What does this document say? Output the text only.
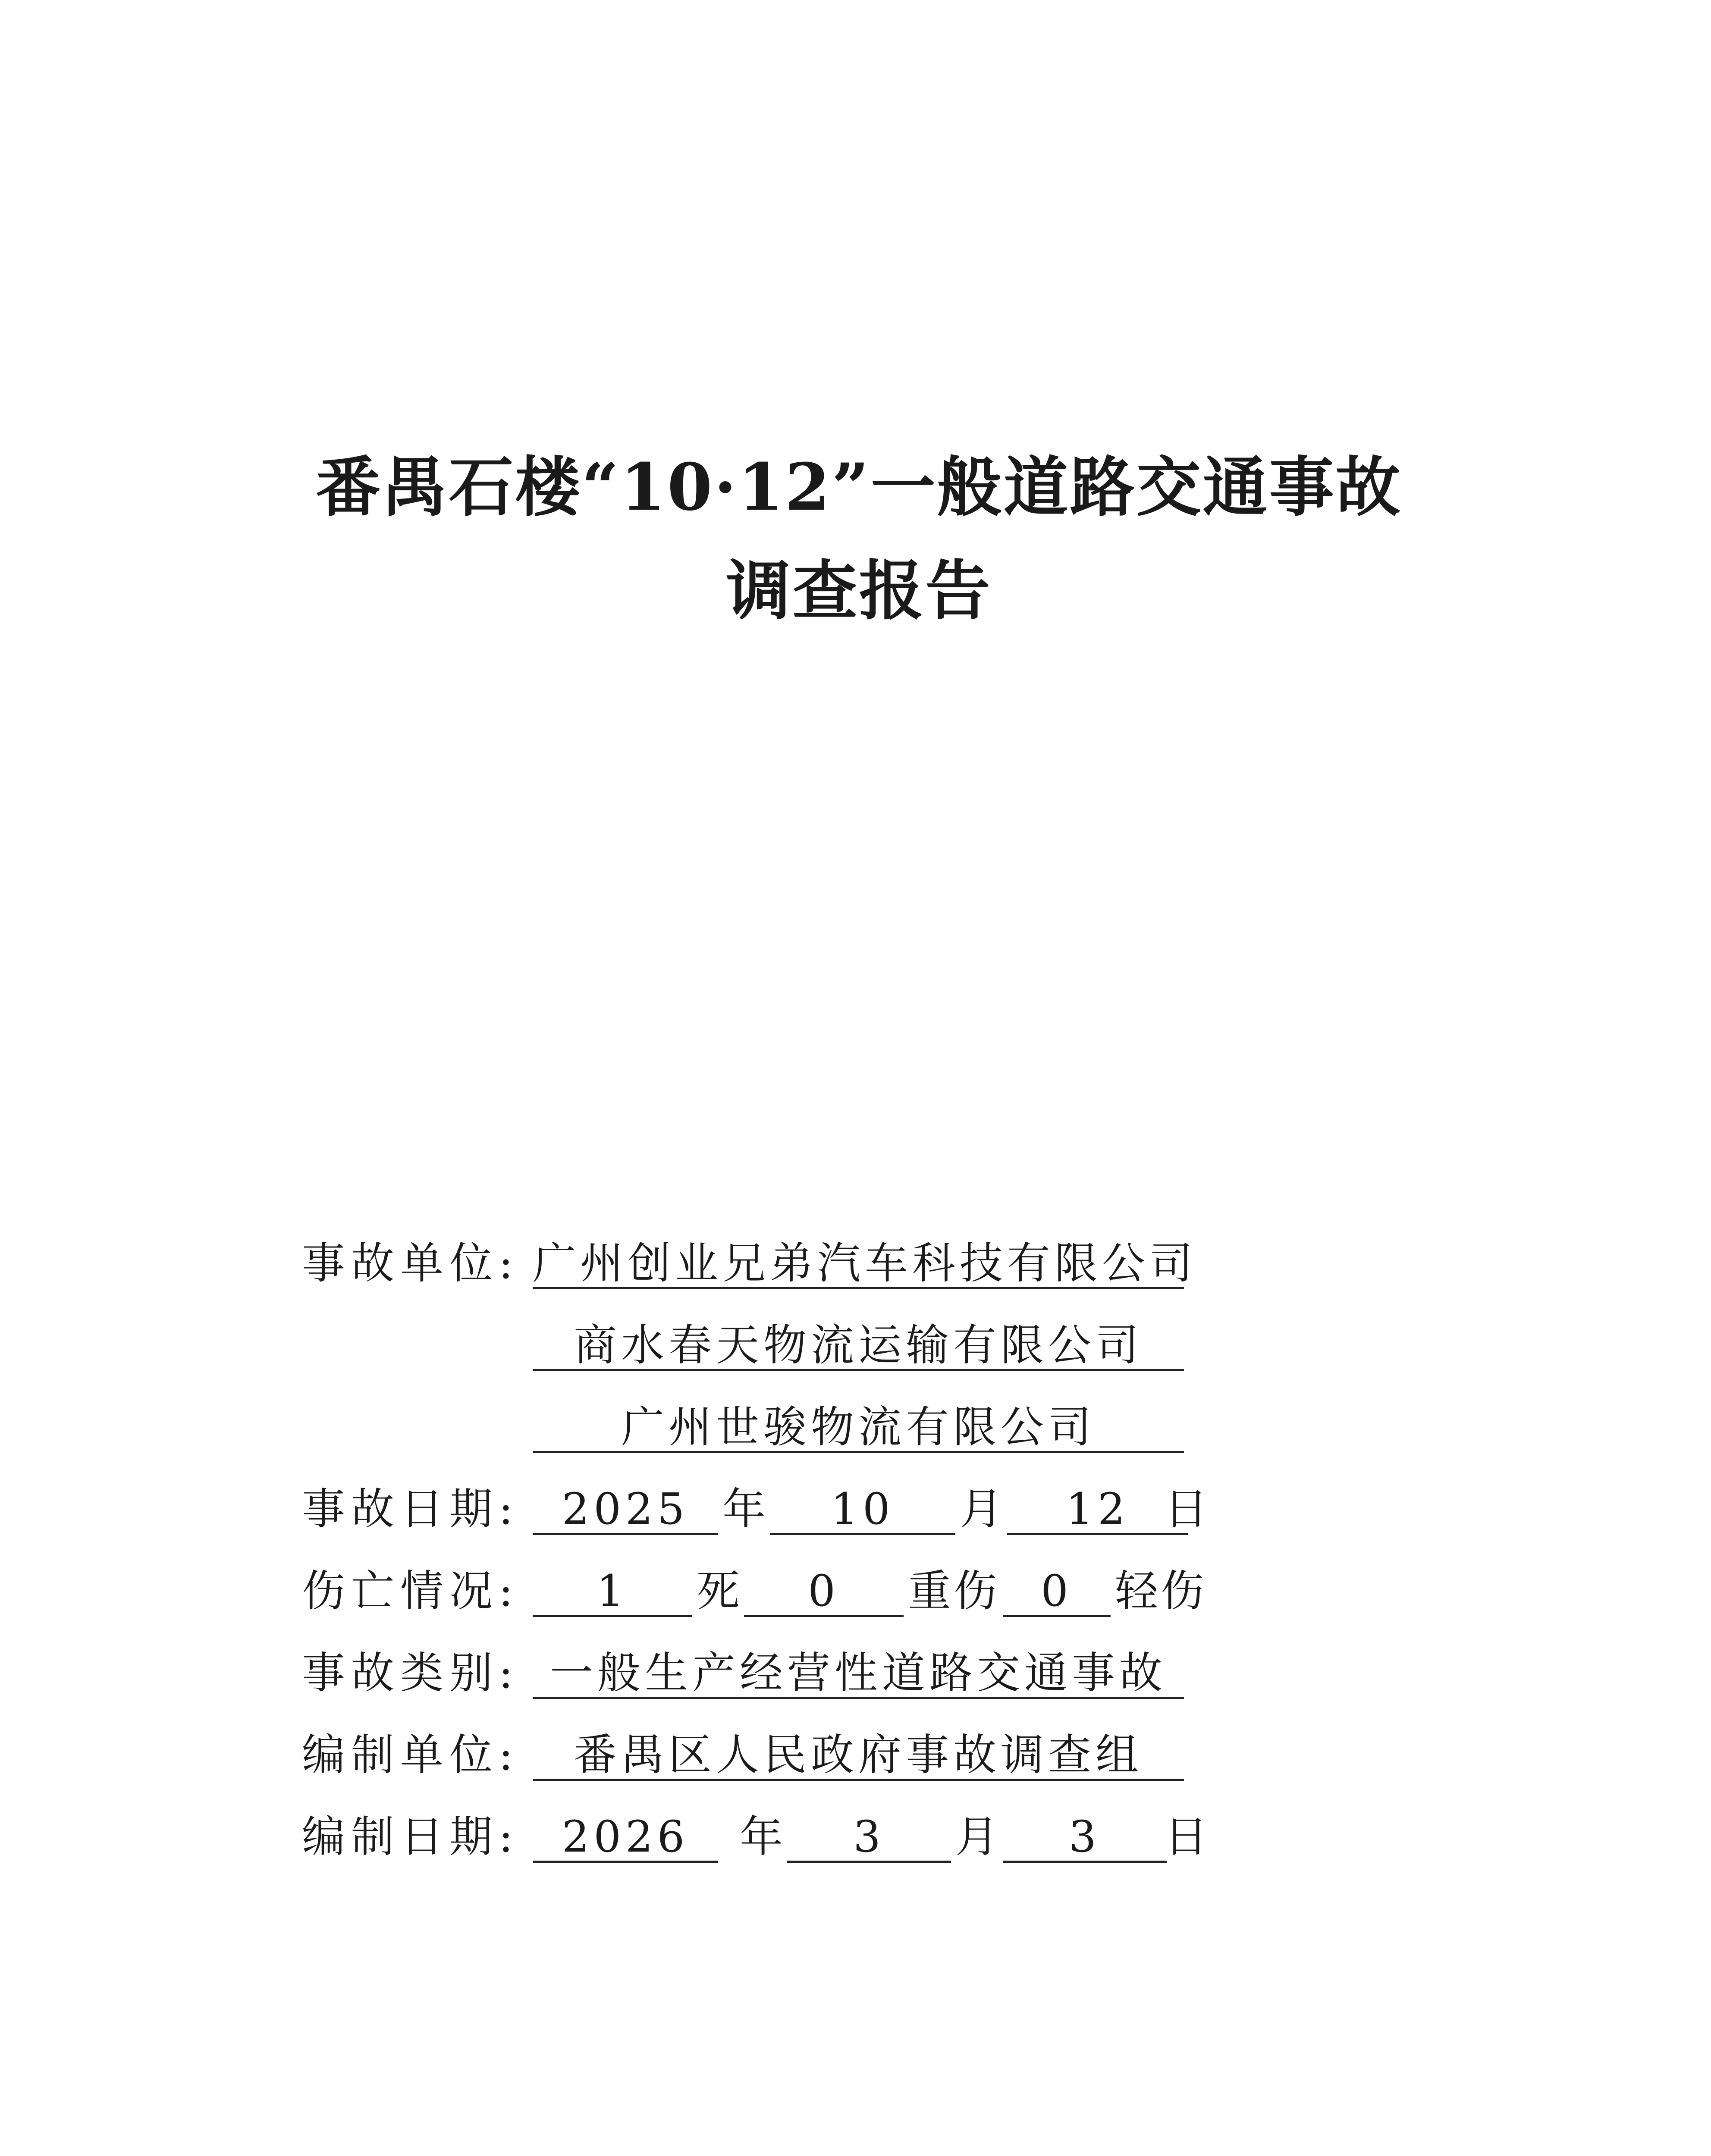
番禺石楼“10·12”一般道路交通事故
调查报告
事故单位: 广州创业兄弟汽车科技有限公司
商水春天物流运输有限公司
广州世骏物流有限公司
事故日期: 2025 年	10	月	12 日
伤亡情况:	1	死	0	重伤 0 轻伤
事故类别: 一般生产经营性道路交通事故
编制单位:	番禺区人民政府事故调查组
编制日期: 2026	年	3	月	3	日
